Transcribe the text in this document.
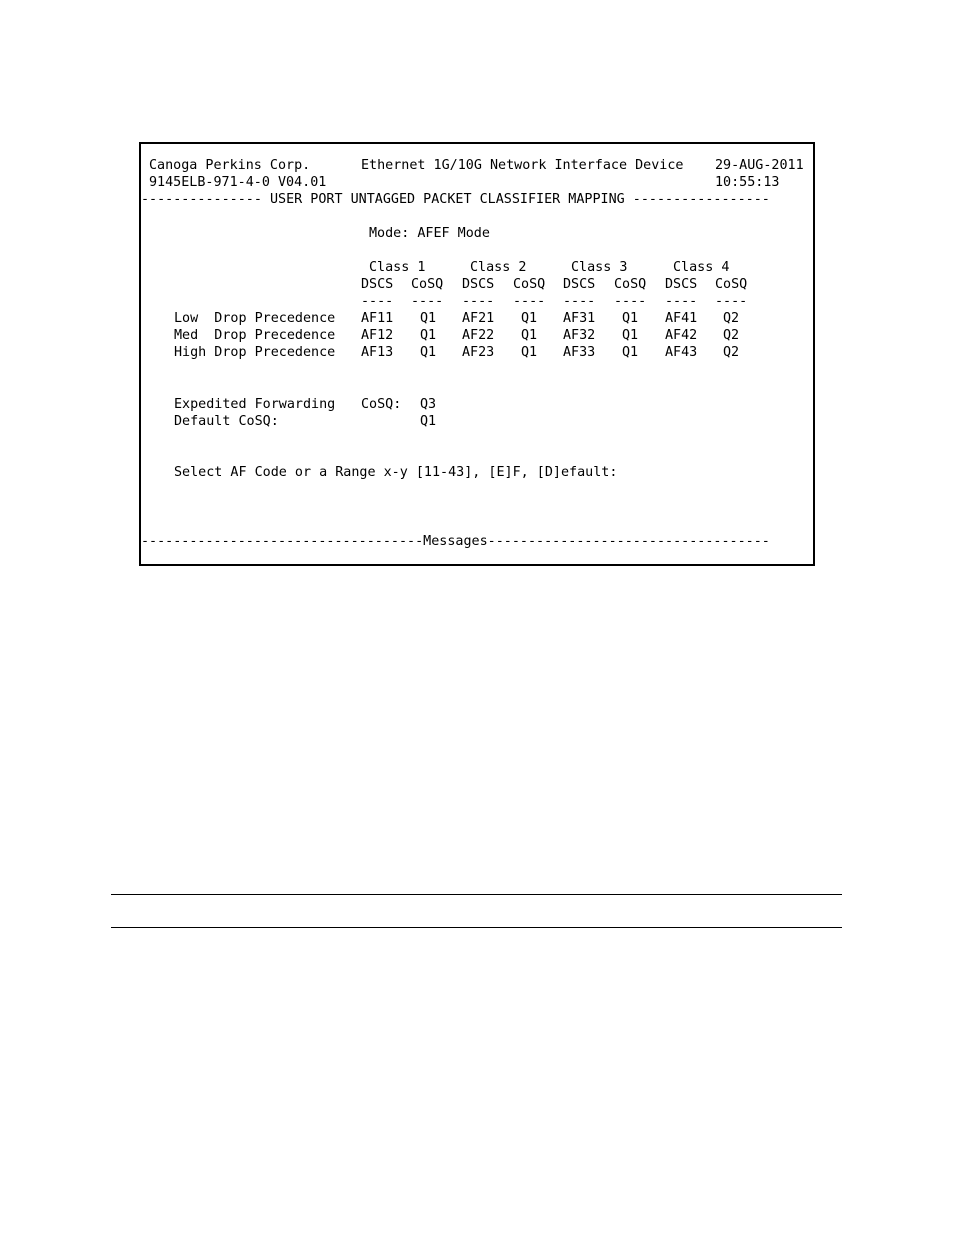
Canoga Perkins Corp.	Ethernet 1G/10G Network Interface Device 29-AUG-2011
9145ELB-971-4-0 V04.01	10:55:13
--------------- USER PORT UNTAGGED PACKET CLASSIFIER MAPPING -----------------
Mode: AFEF Mode
Class 1	Class 2	Class 3	Class 4
DSCS CoSQ DSCS CoSQ DSCS CoSQ DSCS CoSQ
---- ---- ---- ---- ---- ---- ---- ----
Low  Drop Precedence AF11 Q1 AF21 Q1 AF31 Q1 AF41 Q2
Med  Drop Precedence AF12 Q1 AF22 Q1 AF32 Q1 AF42 Q2
High Drop Precedence AF13 Q1 AF23 Q1 AF33 Q1 AF43 Q2
Expedited Forwarding CoSQ: Q3
Default CoSQ:	Q1
Select AF Code or a Range x-y [11-43], [E]F, [D]efault:
-----------------------------------Messages-----------------------------------
